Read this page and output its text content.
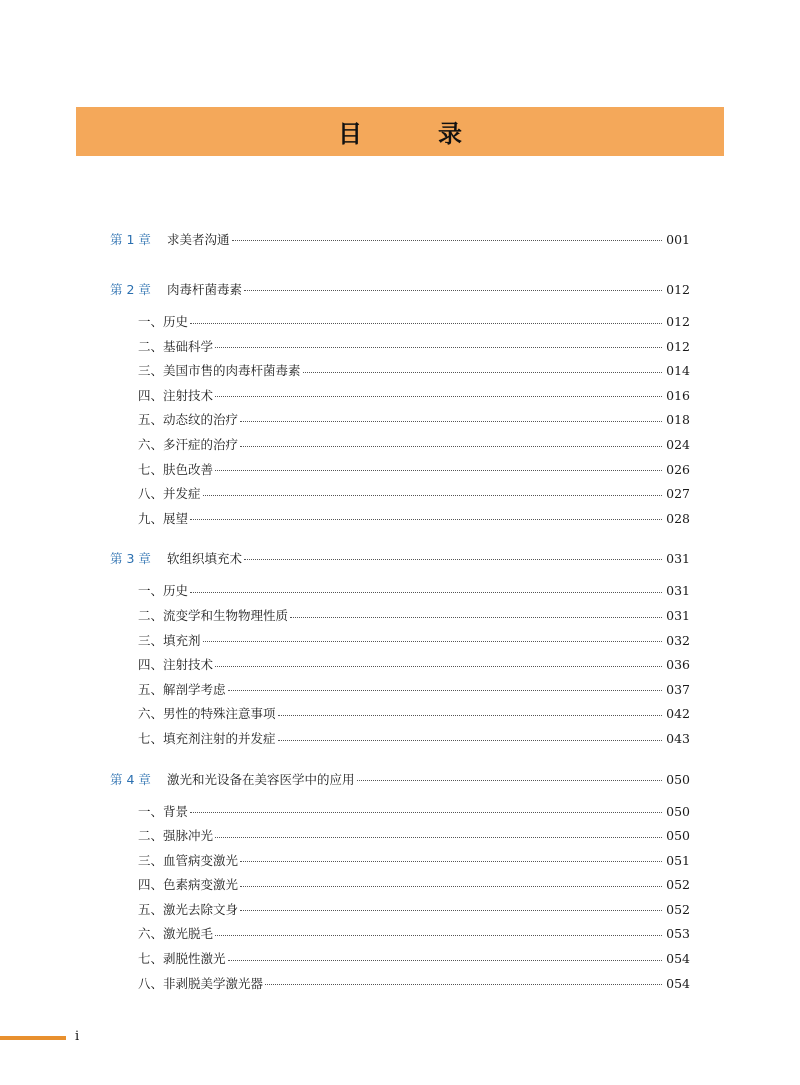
目　录
第 1 章	求美者沟通	001
第 2 章	肉毒杆菌毒素	012
一、历史	012
二、基础科学	012
三、美国市售的肉毒杆菌毒素	014
四、注射技术	016
五、动态纹的治疗	018
六、多汗症的治疗	024
七、肤色改善	026
八、并发症	027
九、展望	028
第 3 章	软组织填充术	031
一、历史	031
二、流变学和生物物理性质	031
三、填充剂	032
四、注射技术	036
五、解剖学考虑	037
六、男性的特殊注意事项	042
七、填充剂注射的并发症	043
第 4 章	激光和光设备在美容医学中的应用	050
一、背景	050
二、强脉冲光	050
三、血管病变激光	051
四、色素病变激光	052
五、激光去除文身	052
六、激光脱毛	053
七、剥脱性激光	054
八、非剥脱美学激光器	054
i
